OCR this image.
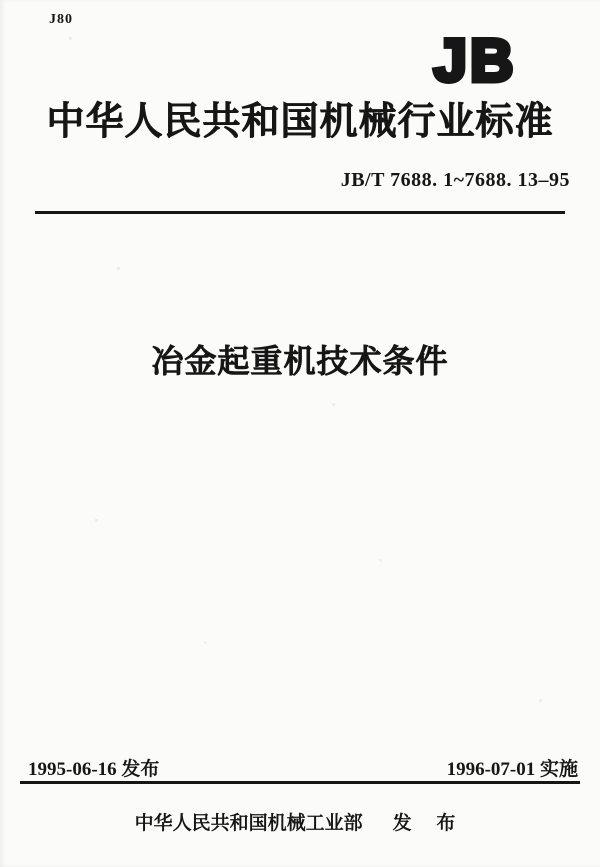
J80
JB
中华人民共和国机械行业标准
JB/T 7688. 1~7688. 13–95
冶金起重机技术条件
1995-06-16 发布	1996-07-01 实施
中华人民共和国机械工业部 发 布
